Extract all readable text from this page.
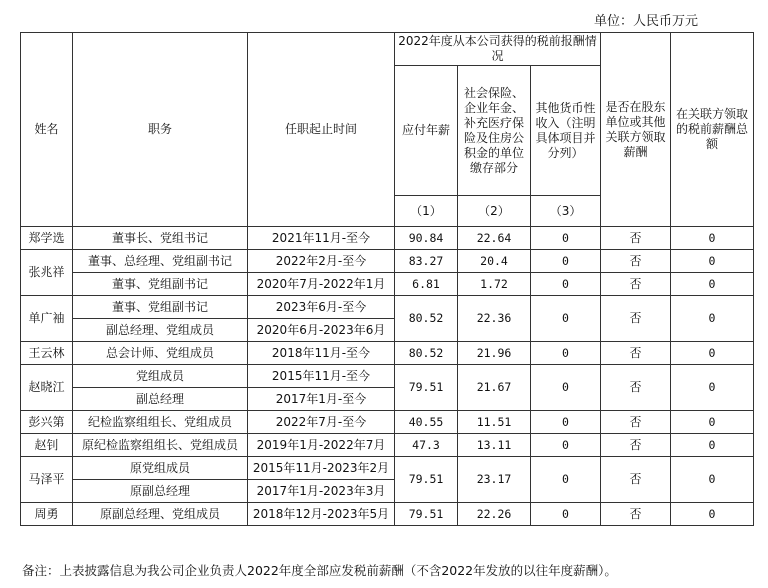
单位：人民币万元
姓名	职务	任职起止时间	2022年度从本公司获得的税前报酬情况			是否在股东单位或其他关联方领取薪酬	在关联方领取的税前薪酬总额
			应付年薪	社会保险、企业年金、补充医疗保险及住房公积金的单位缴存部分	其他货币性收入（注明具体项目并分列）		
			（1）	（2）	（3）		
郑学选	董事长、党组书记	2021年11月-至今	90.84	22.64	0	否	0
张兆祥	董事、总经理、党组副书记	2022年2月-至今	83.27	20.4	0	否	0
	董事、党组副书记	2020年7月-2022年1月	6.81	1.72	0	否	0
单广袖	董事、党组副书记	2023年6月-至今	80.52	22.36	0	否	0
	副总经理、党组成员	2020年6月-2023年6月					
王云林	总会计师、党组成员	2018年11月-至今	80.52	21.96	0	否	0
赵晓江	党组成员	2015年11月-至今	79.51	21.67	0	否	0
	副总经理	2017年1月-至今					
彭兴第	纪检监察组组长、党组成员	2022年7月-至今	40.55	11.51	0	否	0
赵钊	原纪检监察组组长、党组成员	2019年1月-2022年7月	47.3	13.11	0	否	0
马泽平	原党组成员	2015年11月-2023年2月	79.51	23.17	0	否	0
	原副总经理	2017年1月-2023年3月					
周勇	原副总经理、党组成员	2018年12月-2023年5月	79.51	22.26	0	否	0
备注：上表披露信息为我公司企业负责人2022年度全部应发税前薪酬（不含2022年发放的以往年度薪酬）。
